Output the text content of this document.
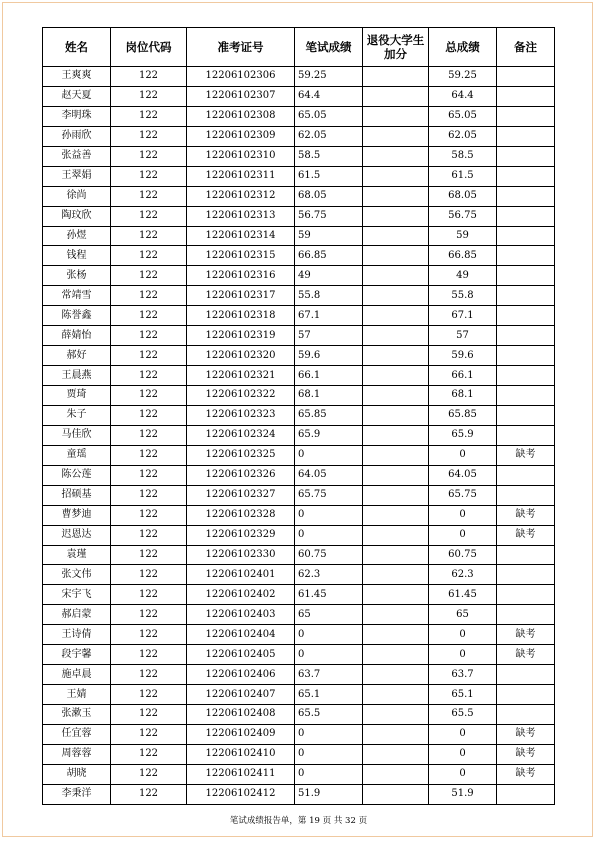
姓名	岗位代码	准考证号	笔试成绩	退役大学生加分	总成绩	备注
王爽爽	122	12206102306	59.25		59.25	
赵天夏	122	12206102307	64.4		64.4	
李明珠	122	12206102308	65.05		65.05	
孙雨欣	122	12206102309	62.05		62.05	
张益善	122	12206102310	58.5		58.5	
王翠娟	122	12206102311	61.5		61.5	
徐尚	122	12206102312	68.05		68.05	
陶玟欣	122	12206102313	56.75		56.75	
孙煜	122	12206102314	59		59	
钱程	122	12206102315	66.85		66.85	
张杨	122	12206102316	49		49	
常靖雪	122	12206102317	55.8		55.8	
陈誉鑫	122	12206102318	67.1		67.1	
薛婧怡	122	12206102319	57		57	
郝好	122	12206102320	59.6		59.6	
王晨燕	122	12206102321	66.1		66.1	
贾琦	122	12206102322	68.1		68.1	
朱子	122	12206102323	65.85		65.85	
马佳欣	122	12206102324	65.9		65.9	
童瑶	122	12206102325	0		0	缺考
陈公莲	122	12206102326	64.05		64.05	
招硕基	122	12206102327	65.75		65.75	
曹梦迪	122	12206102328	0		0	缺考
迟恩达	122	12206102329	0		0	缺考
袁瑾	122	12206102330	60.75		60.75	
张文伟	122	12206102401	62.3		62.3	
宋宇飞	122	12206102402	61.45		61.45	
郝启蒙	122	12206102403	65		65	
王诗倩	122	12206102404	0		0	缺考
段宇馨	122	12206102405	0		0	缺考
施卓晨	122	12206102406	63.7		63.7	
王婧	122	12206102407	65.1		65.1	
张漱玉	122	12206102408	65.5		65.5	
任宜蓉	122	12206102409	0		0	缺考
周蓉蓉	122	12206102410	0		0	缺考
胡晓	122	12206102411	0		0	缺考
李秉洋	122	12206102412	51.9		51.9	
笔试成绩报告单，第 19 页 共 32 页
